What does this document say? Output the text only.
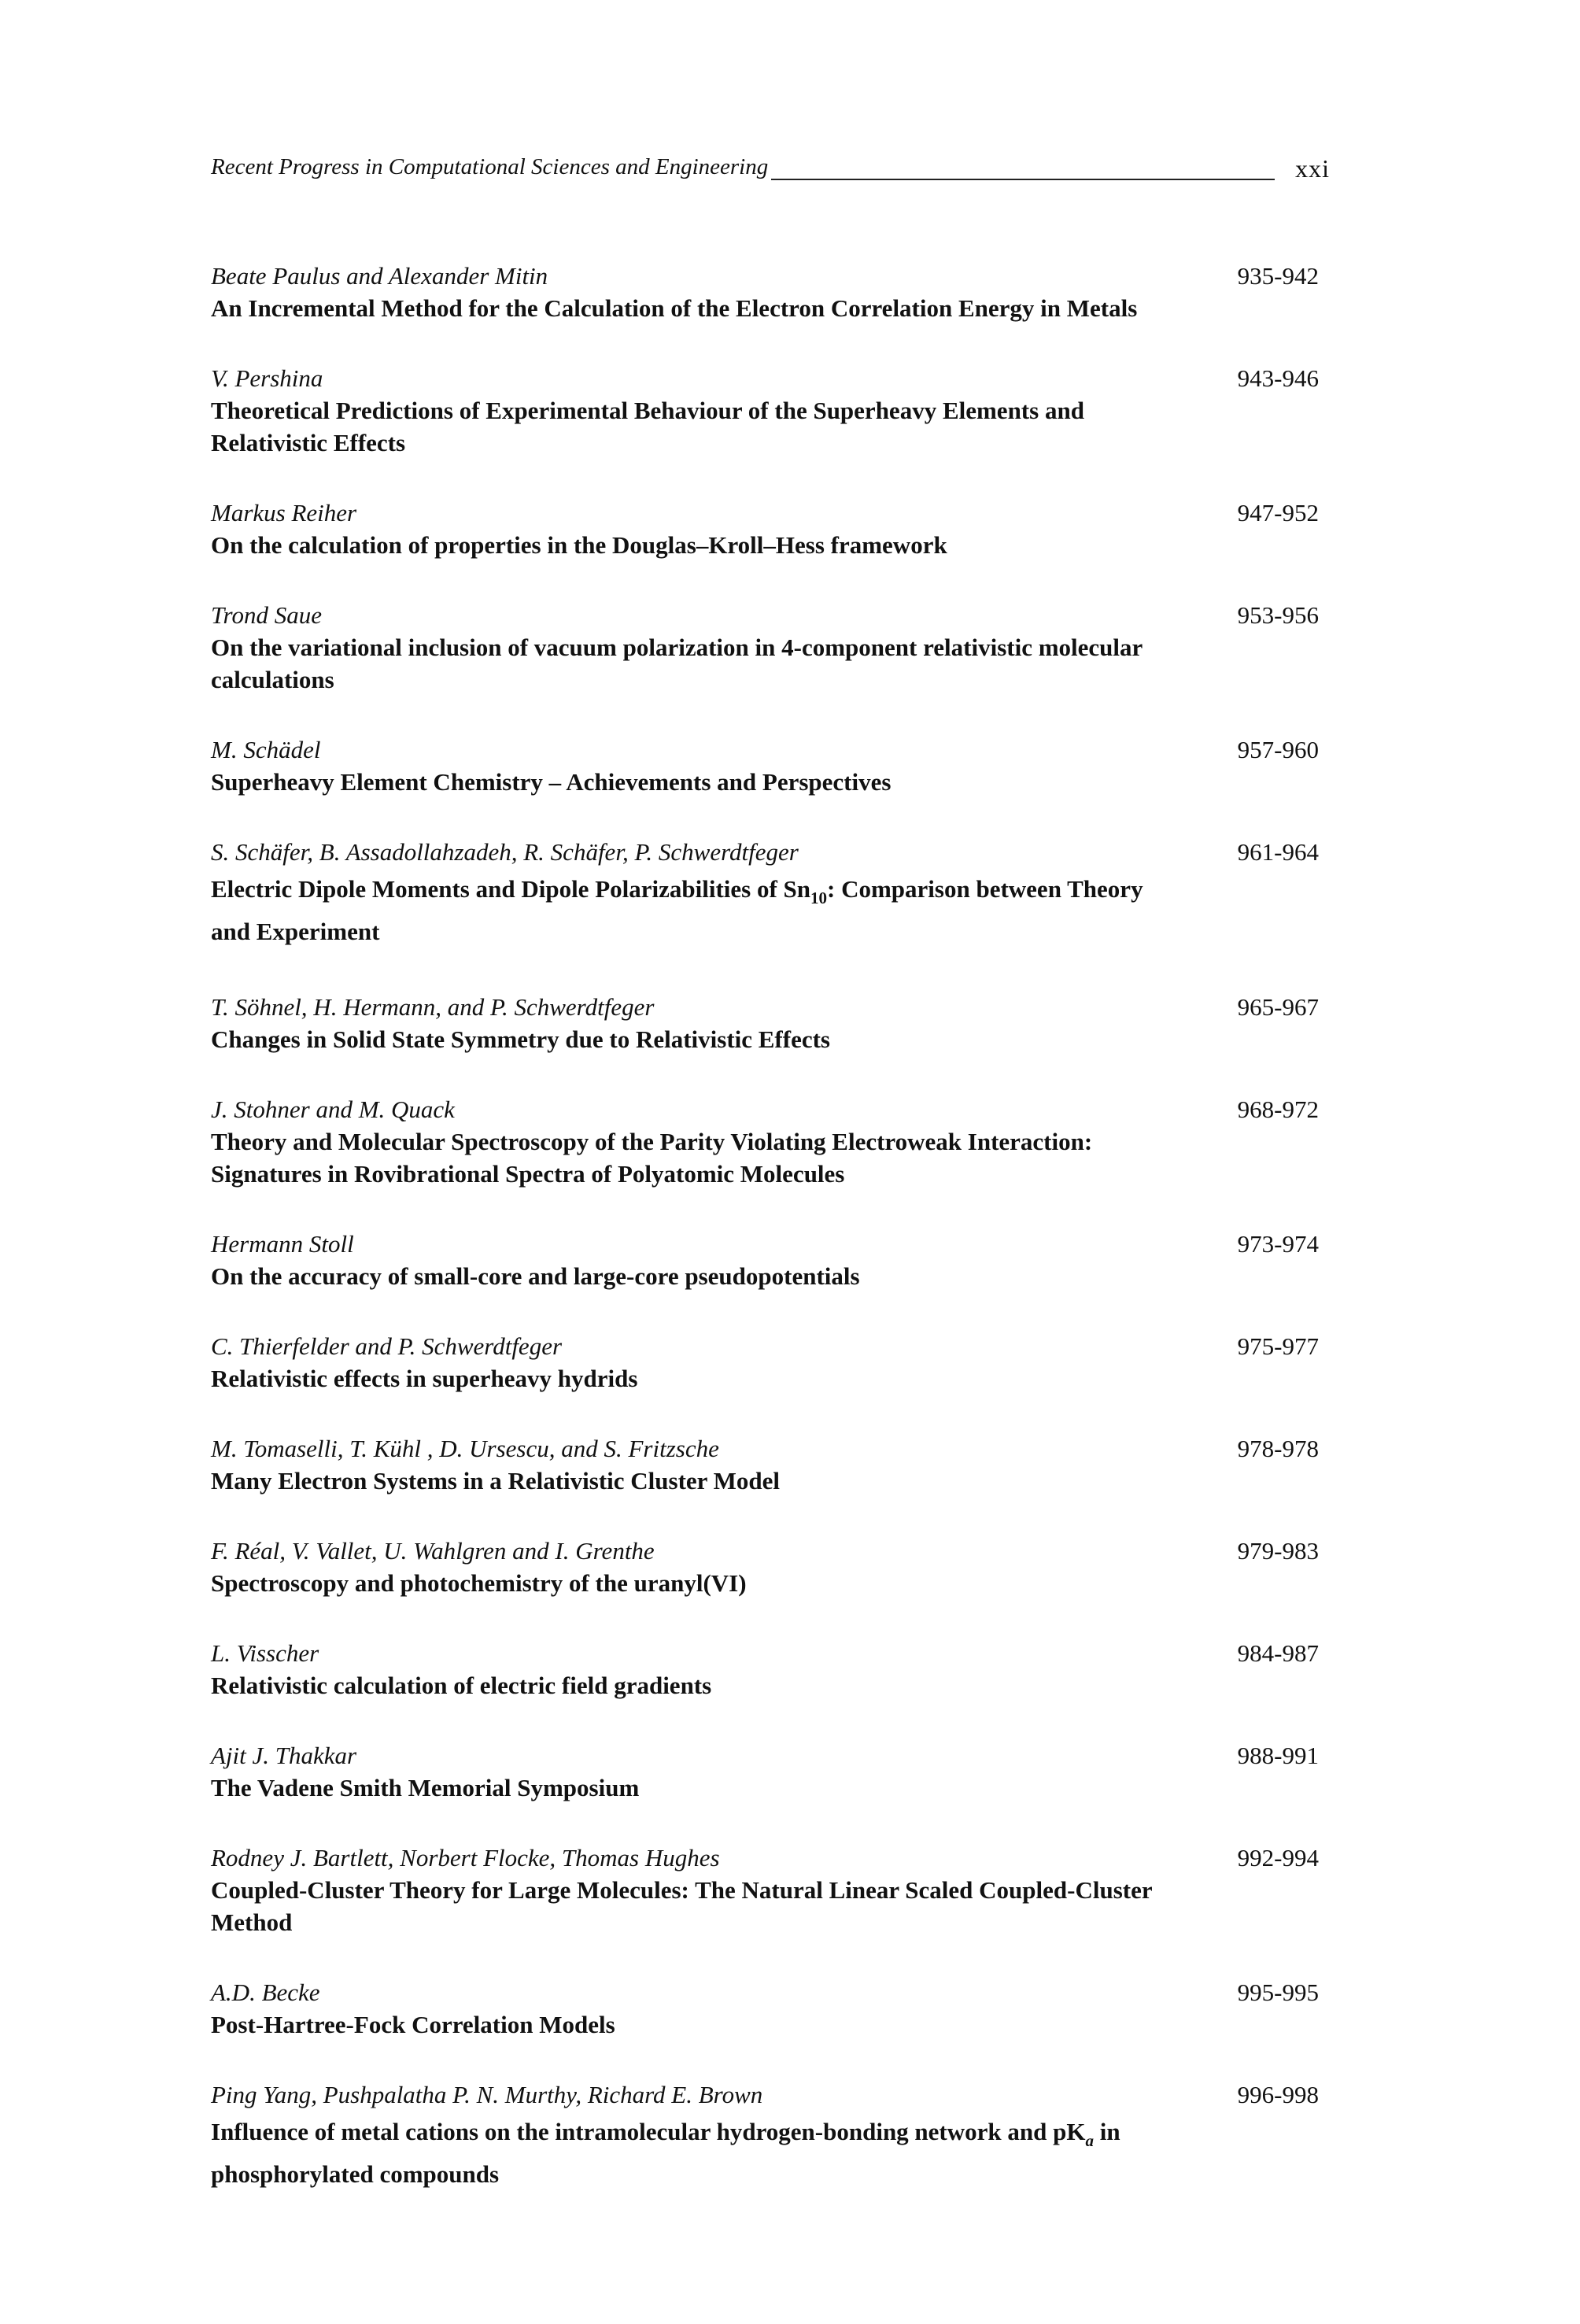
Recent Progress in Computational Sciences and Engineering	xxi
Beate Paulus and Alexander Mitin
An Incremental Method for the Calculation of the Electron Correlation Energy in Metals
935-942
V. Pershina
Theoretical Predictions of Experimental Behaviour of the Superheavy Elements and Relativistic Effects
943-946
Markus Reiher
On the calculation of properties in the Douglas–Kroll–Hess framework
947-952
Trond Saue
On the variational inclusion of vacuum polarization in 4-component relativistic molecular calculations
953-956
M. Schädel
Superheavy Element Chemistry – Achievements and Perspectives
957-960
S. Schäfer, B. Assadollahzadeh, R. Schäfer, P. Schwerdtfeger
Electric Dipole Moments and Dipole Polarizabilities of $Sn_{10}$: Comparison between Theory and Experiment
961-964
T. Söhnel, H. Hermann, and P. Schwerdtfeger
Changes in Solid State Symmetry due to Relativistic Effects
965-967
J. Stohner and M. Quack
Theory and Molecular Spectroscopy of the Parity Violating Electroweak Interaction: Signatures in Rovibrational Spectra of Polyatomic Molecules
968-972
Hermann Stoll
On the accuracy of small-core and large-core pseudopotentials
973-974
C. Thierfelder and P. Schwerdtfeger
Relativistic effects in superheavy hydrids
975-977
M. Tomaselli, T. Kühl , D. Ursescu, and S. Fritzsche
Many Electron Systems in a Relativistic Cluster Model
978-978
F. Réal, V. Vallet, U. Wahlgren and I. Grenthe
Spectroscopy and photochemistry of the uranyl(VI)
979-983
L. Visscher
Relativistic calculation of electric field gradients
984-987
Ajit J. Thakkar
The Vadene Smith Memorial Symposium
988-991
Rodney J. Bartlett, Norbert Flocke, Thomas Hughes
Coupled-Cluster Theory for Large Molecules: The Natural Linear Scaled Coupled-Cluster Method
992-994
A.D. Becke
Post-Hartree-Fock Correlation Models
995-995
Ping Yang, Pushpalatha P. N. Murthy, Richard E. Brown
Influence of metal cations on the intramolecular hydrogen-bonding network and $pK_a$ in phosphorylated compounds
996-998
